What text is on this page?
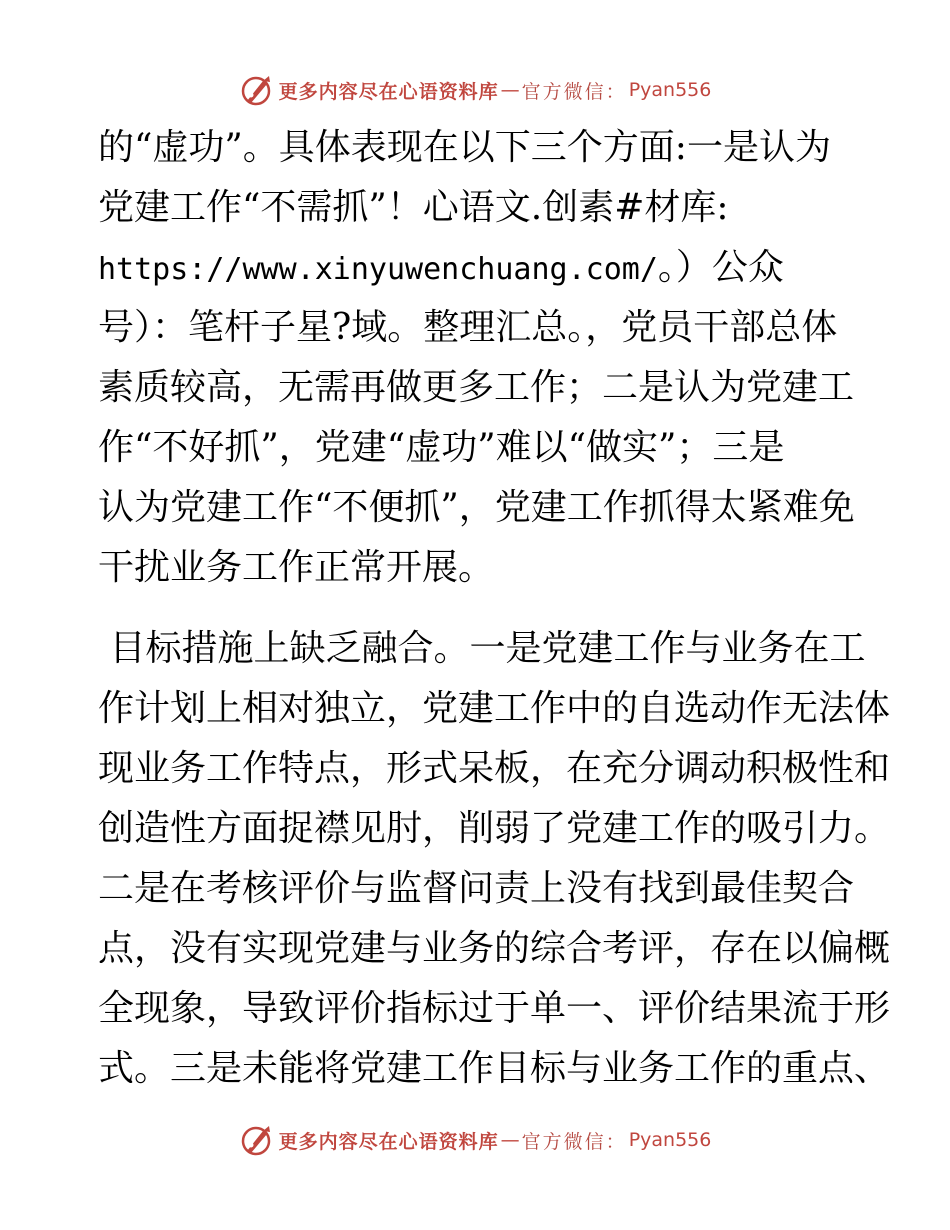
更多内容尽在心语资料库 — 官方微信： Pyan556
的“虚功”。具体表现在以下三个方面:一是认为
党建工作“不需抓”！心语文.创素#材库:
https://www.xinyuwenchuang.com/。）公众
号）：笔杆子星?域。整理汇总。，党员干部总体
素质较高，无需再做更多工作；二是认为党建工
作“不好抓”，党建“虚功”难以“做实”；三是
认为党建工作“不便抓”，党建工作抓得太紧难免
干扰业务工作正常开展。
目标措施上缺乏融合。一是党建工作与业务在工
作计划上相对独立，党建工作中的自选动作无法体
现业务工作特点，形式呆板，在充分调动积极性和
创造性方面捉襟见肘，削弱了党建工作的吸引力。
二是在考核评价与监督问责上没有找到最佳契合
点，没有实现党建与业务的综合考评，存在以偏概
全现象，导致评价指标过于单一、评价结果流于形
式。三是未能将党建工作目标与业务工作的重点、
更多内容尽在心语资料库 — 官方微信： Pyan556
